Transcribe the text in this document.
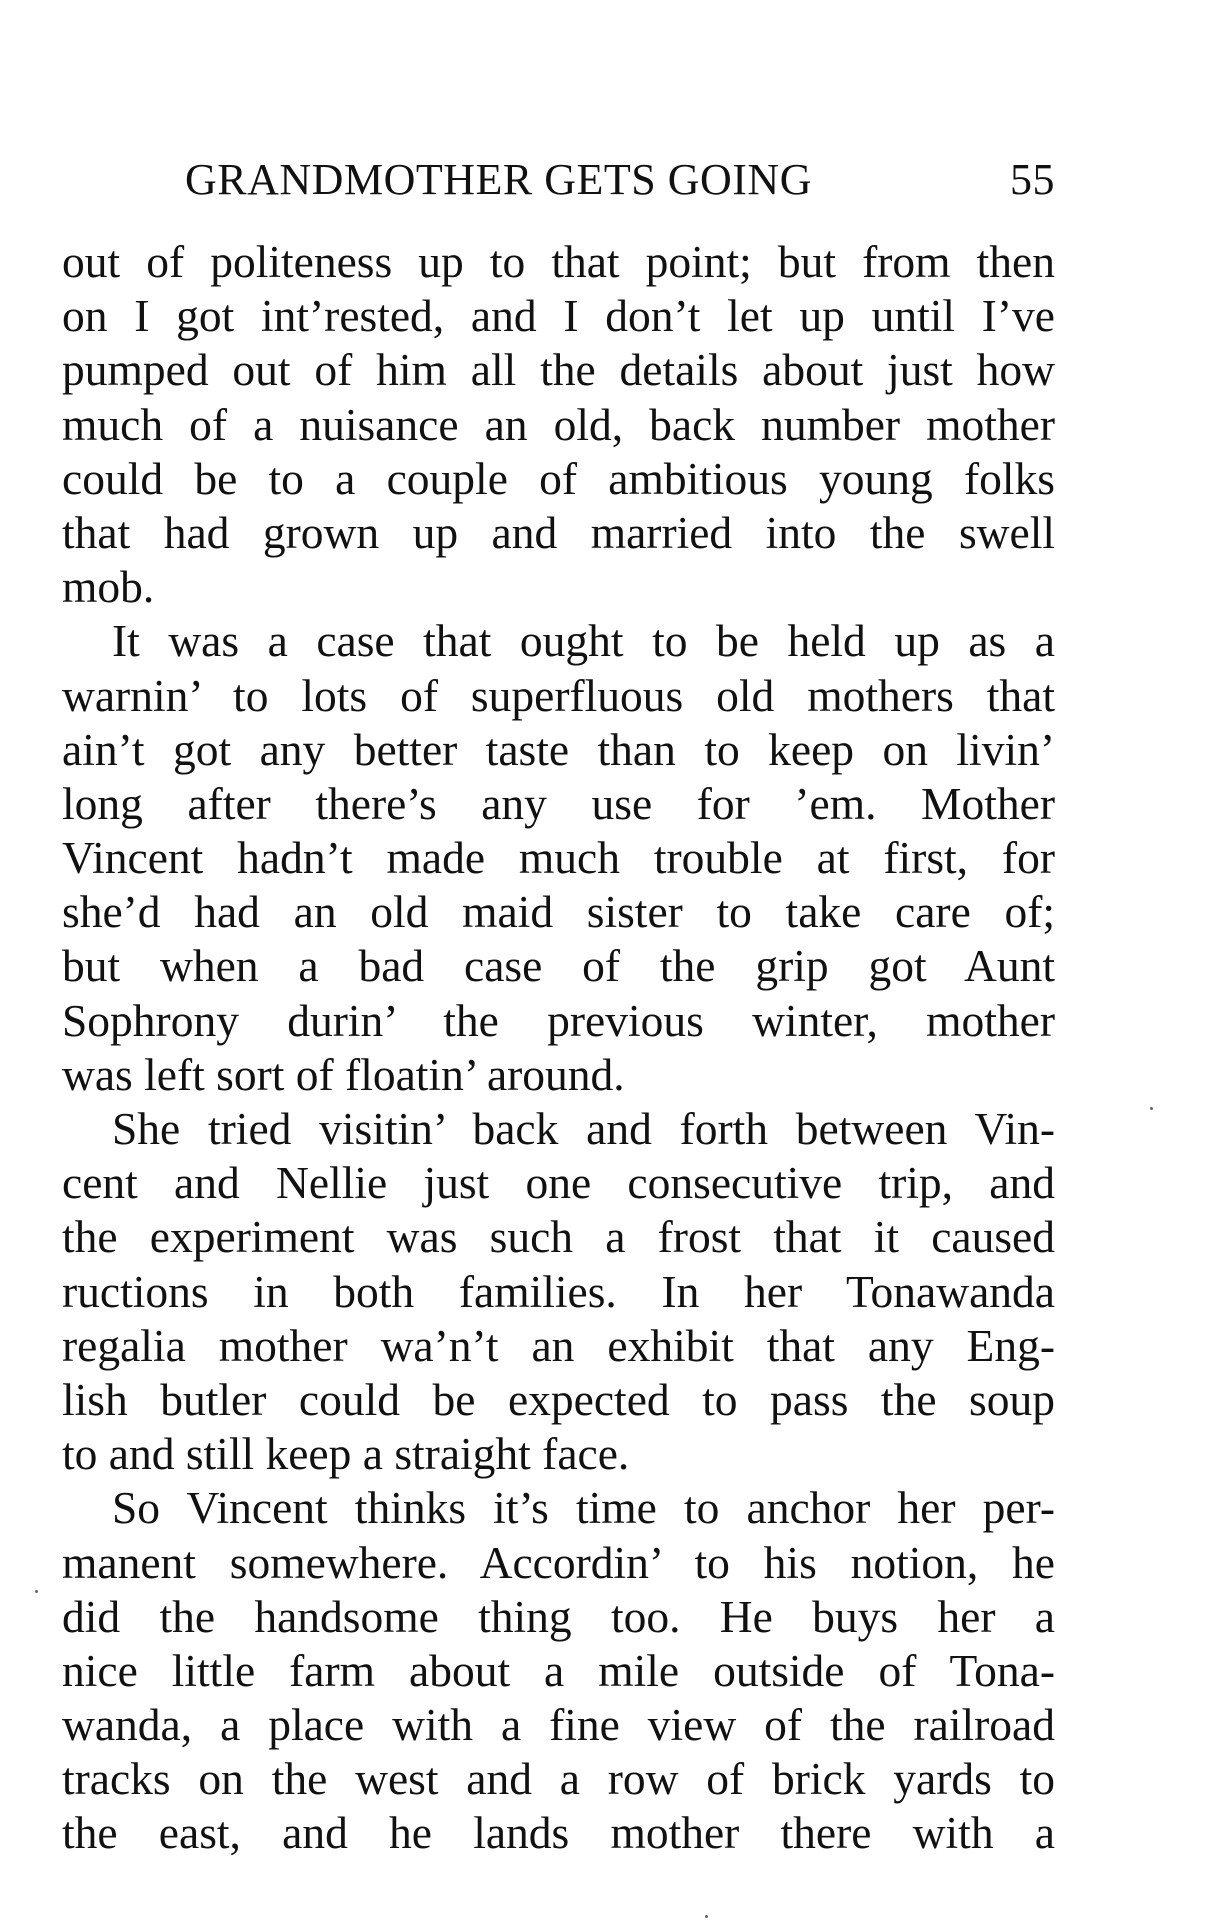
GRANDMOTHER GETS GOING	55
out of politeness up to that point; but from then
on I got int’rested, and I don’t let up until I’ve
pumped out of him all the details about just how
much of a nuisance an old, back number mother
could be to a couple of ambitious young folks
that had grown up and married into the swell
mob.
It was a case that ought to be held up as a
warnin’ to lots of superfluous old mothers that
ain’t got any better taste than to keep on livin’
long after there’s any use for ’em. Mother
Vincent hadn’t made much trouble at first, for
she’d had an old maid sister to take care of;
but when a bad case of the grip got Aunt
Sophrony durin’ the previous winter, mother
was left sort of floatin’ around.
She tried visitin’ back and forth between Vin-
cent and Nellie just one consecutive trip, and
the experiment was such a frost that it caused
ructions in both families. In her Tonawanda
regalia mother wa’n’t an exhibit that any Eng-
lish butler could be expected to pass the soup
to and still keep a straight face.
So Vincent thinks it’s time to anchor her per-
manent somewhere. Accordin’ to his notion, he
did the handsome thing too. He buys her a
nice little farm about a mile outside of Tona-
wanda, a place with a fine view of the railroad
tracks on the west and a row of brick yards to
the east, and he lands mother there with a
